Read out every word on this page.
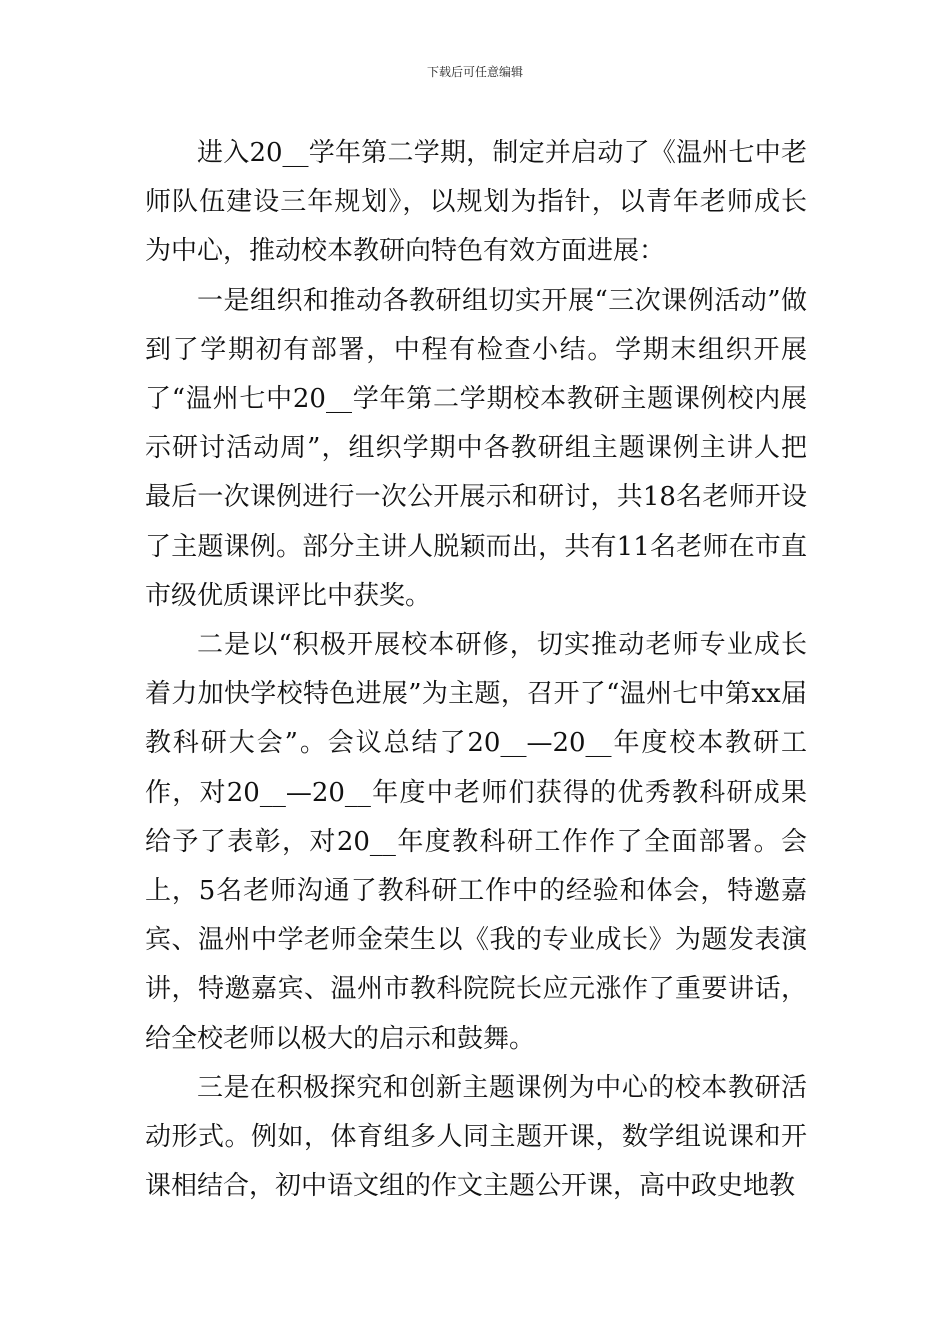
下载后可任意编辑

进入20__学年第二学期，制定并启动了《温州七中老师队伍建设三年规划》，以规划为指针，以青年老师成长为中心，推动校本教研向特色有效方面进展：

一是组织和推动各教研组切实开展“三次课例活动”做到了学期初有部署，中程有检查小结。学期末组织开展了“温州七中20__学年第二学期校本教研主题课例校内展示研讨活动周”，组织学期中各教研组主题课例主讲人把最后一次课例进行一次公开展示和研讨，共18名老师开设了主题课例。部分主讲人脱颖而出，共有11名老师在市直市级优质课评比中获奖。

二是以“积极开展校本研修，切实推动老师专业成长着力加快学校特色进展”为主题，召开了“温州七中第xx届教科研大会”。会议总结了20__—20__年度校本教研工作，对20__—20__年度中老师们获得的优秀教科研成果给予了表彰，对20__年度教科研工作作了全面部署。会上，5名老师沟通了教科研工作中的经验和体会，特邀嘉宾、温州中学老师金荣生以《我的专业成长》为题发表演讲，特邀嘉宾、温州市教科院院长应元涨作了重要讲话，给全校老师以极大的启示和鼓舞。

三是在积极探究和创新主题课例为中心的校本教研活动形式。例如，体育组多人同主题开课，数学组说课和开课相结合，初中语文组的作文主题公开课，高中政史地教
